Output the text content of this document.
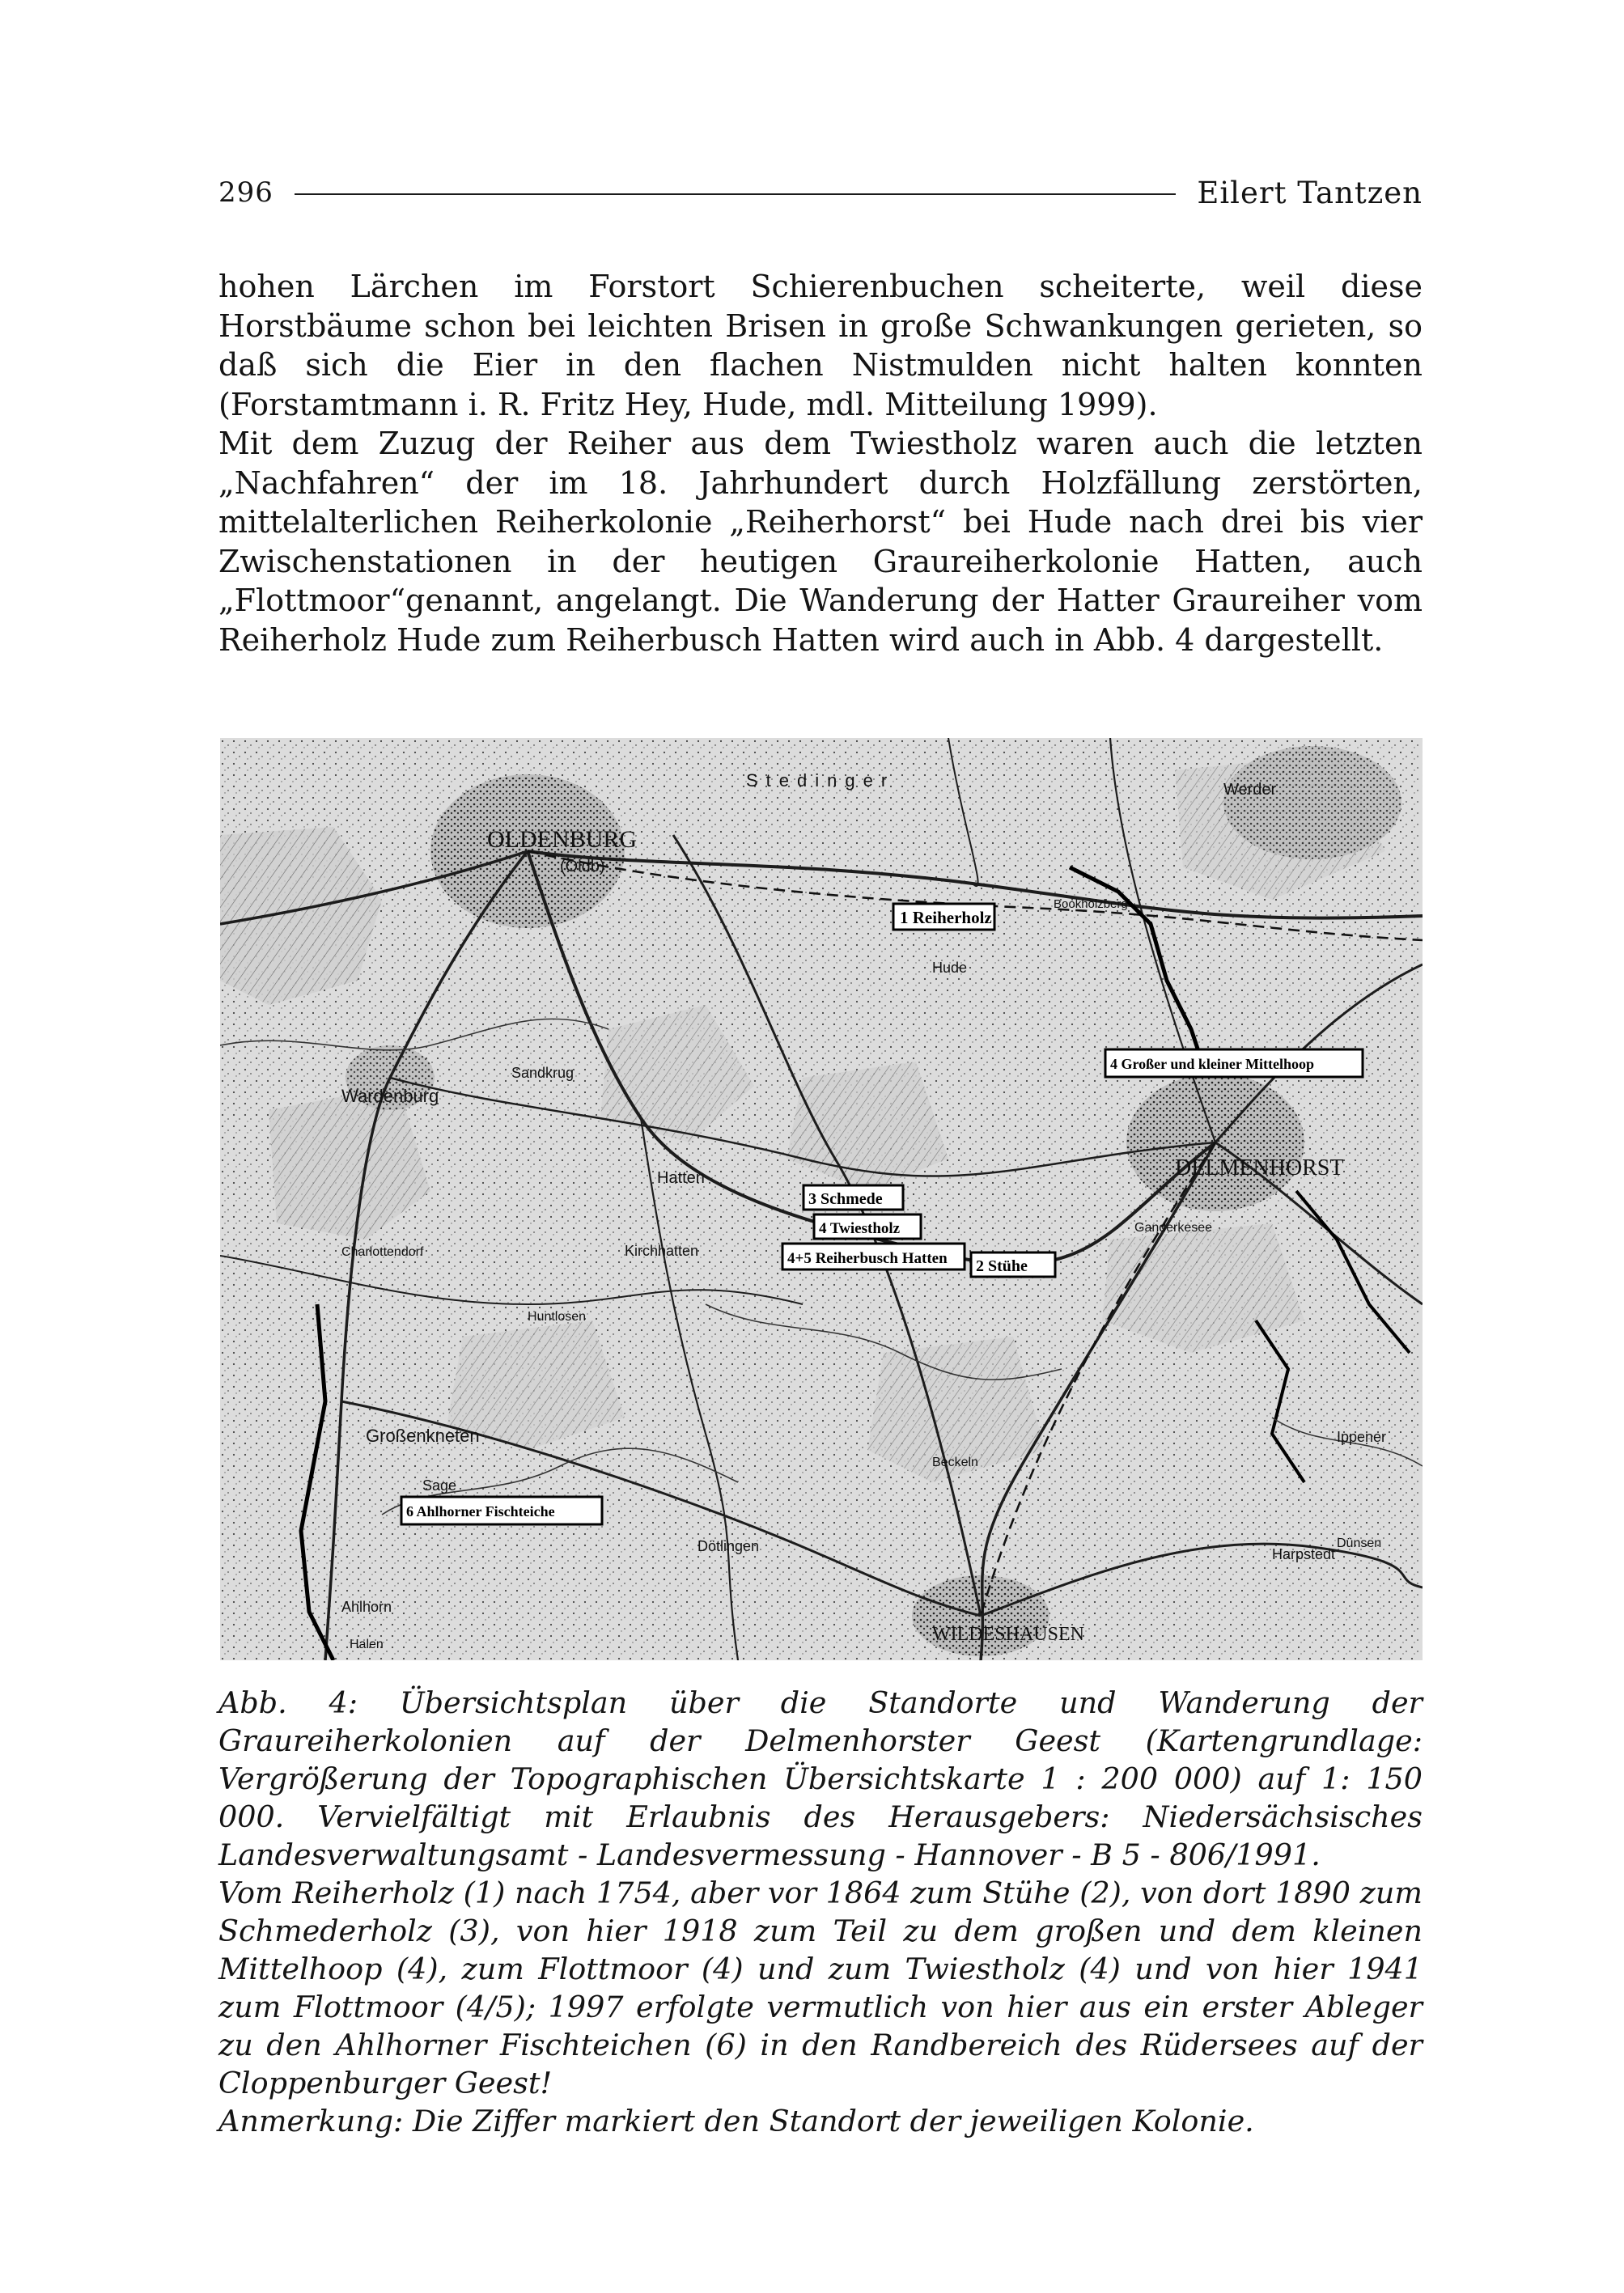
296	Eilert Tantzen

hohen Lärchen im Forstort Schierenbuchen scheiterte, weil diese Horstbäume schon bei leichten Brisen in große Schwankungen gerieten, so daß sich die Eier in den flachen Nistmulden nicht halten konnten (Forstamtmann i. R. Fritz Hey, Hude, mdl. Mitteilung 1999).

Mit dem Zuzug der Reiher aus dem Twiestholz waren auch die letzten „Nachfahren“ der im 18. Jahrhundert durch Holzfällung zerstörten, mittelalterlichen Reiherkolonie „Reiherhorst“ bei Hude nach drei bis vier Zwischenstationen in der heutigen Graureiherkolonie Hatten, auch „Flottmoor“genannt, angelangt. Die Wanderung der Hatter Graureiher vom Reiherholz Hude zum Reiherbusch Hatten wird auch in Abb. 4 dargestellt.

OLDENBURG
(Oldb)
DELMENHORST
WILDESHAUSEN
Wardenburg
Großenkneten
Dötlingen
Hatten
Sandkrug
Harpstedt
Dünsen
Ippener
Hude
Stedinger	Werder
Bookholzberg
Kirchhatten
Sage
Ahlhorn
Halen
Ganderkesee
Charlottendorf
Huntlosen
Beckeln
1 Reiherholz
4 Großer und kleiner Mittelhoop
3 Schmede
4 Twiestholz
4+5 Reiherbusch Hatten 2 Stühe
6 Ahlhorner Fischteiche

Abb. 4: Übersichtsplan über die Standorte und Wanderung der Graureiherkolonien auf der Delmenhorster Geest (Kartengrundlage: Vergrößerung der Topographischen Übersichtskarte 1 : 200 000) auf 1: 150 000. Vervielfältigt mit Erlaubnis des Herausgebers: Niedersächsisches Landesverwaltungsamt - Landesvermessung - Hannover - B 5 - 806/1991.

Vom Reiherholz (1) nach 1754, aber vor 1864 zum Stühe (2), von dort 1890 zum Schmederholz (3), von hier 1918 zum Teil zu dem großen und dem kleinen Mittelhoop (4), zum Flottmoor (4) und zum Twiestholz (4) und von hier 1941 zum Flottmoor (4/5); 1997 erfolgte vermutlich von hier aus ein erster Ableger zu den Ahlhorner Fischteichen (6) in den Randbereich des Rüdersees auf der Cloppenburger Geest!

Anmerkung: Die Ziffer markiert den Standort der jeweiligen Kolonie.
